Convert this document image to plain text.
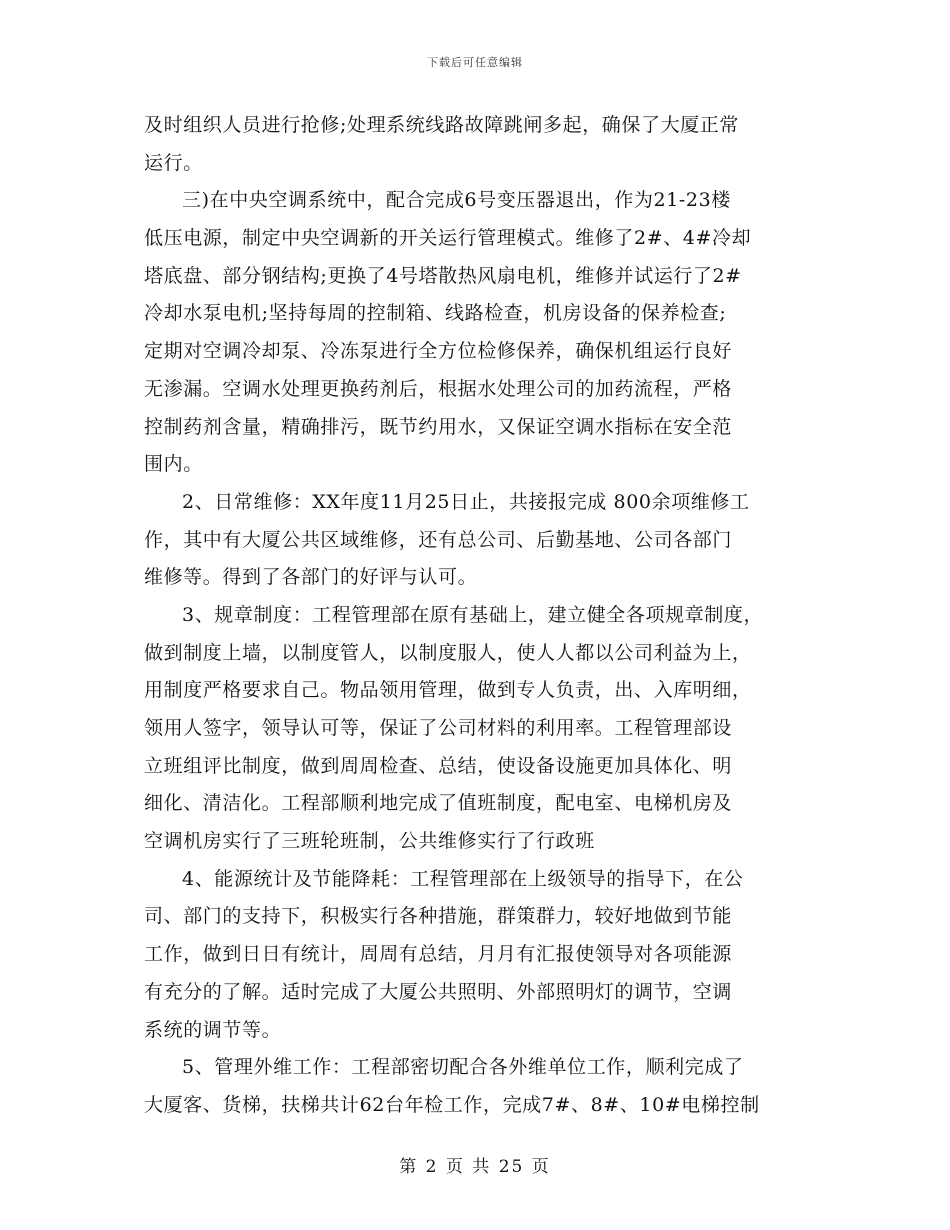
下载后可任意编辑
及时组织人员进行抢修;处理系统线路故障跳闸多起，确保了大厦正常
运行。
三)在中央空调系统中，配合完成6号变压器退出，作为21-23楼
低压电源，制定中央空调新的开关运行管理模式。维修了2#、4#冷却
塔底盘、部分钢结构;更换了4号塔散热风扇电机，维修并试运行了2#
冷却水泵电机;坚持每周的控制箱、线路检查，机房设备的保养检查;
定期对空调冷却泵、冷冻泵进行全方位检修保养，确保机组运行良好
无渗漏。空调水处理更换药剂后，根据水处理公司的加药流程，严格
控制药剂含量，精确排污，既节约用水，又保证空调水指标在安全范
围内。
2、日常维修：XX年度11月25日止，共接报完成 800余项维修工
作，其中有大厦公共区域维修，还有总公司、后勤基地、公司各部门
维修等。得到了各部门的好评与认可。
3、规章制度：工程管理部在原有基础上，建立健全各项规章制度，
做到制度上墙，以制度管人，以制度服人，使人人都以公司利益为上，
用制度严格要求自己。物品领用管理，做到专人负责，出、入库明细，
领用人签字，领导认可等，保证了公司材料的利用率。工程管理部设
立班组评比制度，做到周周检查、总结，使设备设施更加具体化、明
细化、清洁化。工程部顺利地完成了值班制度，配电室、电梯机房及
空调机房实行了三班轮班制，公共维修实行了行政班
4、能源统计及节能降耗：工程管理部在上级领导的指导下，在公
司、部门的支持下，积极实行各种措施，群策群力，较好地做到节能
工作，做到日日有统计，周周有总结，月月有汇报使领导对各项能源
有充分的了解。适时完成了大厦公共照明、外部照明灯的调节，空调
系统的调节等。
5、管理外维工作：工程部密切配合各外维单位工作，顺利完成了
大厦客、货梯，扶梯共计62台年检工作，完成7#、8#、10#电梯控制
第 2 页 共 25 页
